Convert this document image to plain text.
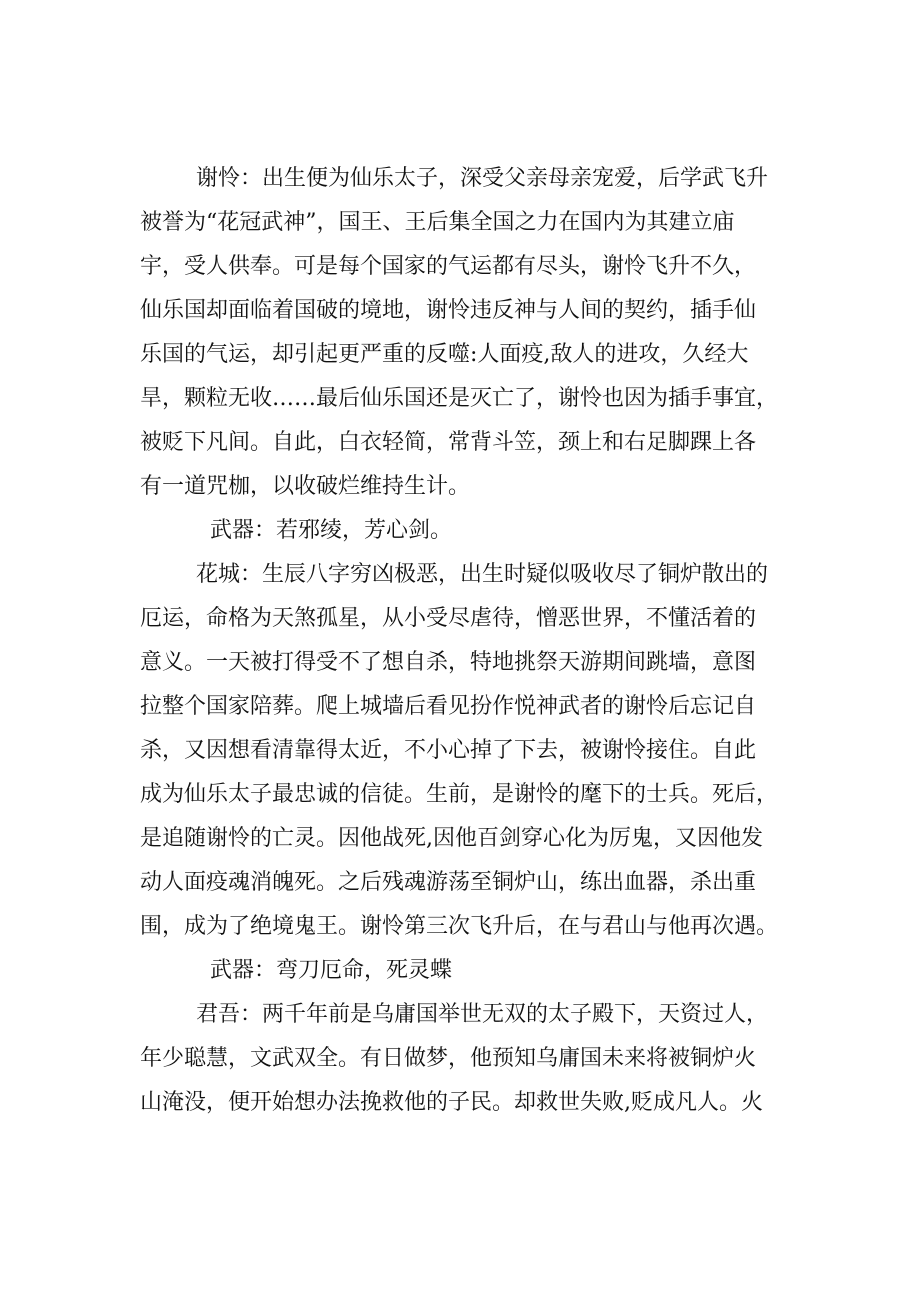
谢怜：出生便为仙乐太子，深受父亲母亲宠爱，后学武飞升
被誉为“花冠武神”，国王、王后集全国之力在国内为其建立庙
宇，受人供奉。可是每个国家的气运都有尽头，谢怜飞升不久，
仙乐国却面临着国破的境地，谢怜违反神与人间的契约，插手仙
乐国的气运，却引起更严重的反噬:人面疫,敌人的进攻，久经大
旱，颗粒无收……最后仙乐国还是灭亡了，谢怜也因为插手事宜，
被贬下凡间。自此，白衣轻简，常背斗笠，颈上和右足脚踝上各
有一道咒枷，以收破烂维持生计。
武器：若邪绫，芳心剑。
花城：生辰八字穷凶极恶，出生时疑似吸收尽了铜炉散出的
厄运，命格为天煞孤星，从小受尽虐待，憎恶世界，不懂活着的
意义。一天被打得受不了想自杀，特地挑祭天游期间跳墙，意图
拉整个国家陪葬。爬上城墙后看见扮作悦神武者的谢怜后忘记自
杀，又因想看清靠得太近，不小心掉了下去，被谢怜接住。自此
成为仙乐太子最忠诚的信徒。生前，是谢怜的麾下的士兵。死后，
是追随谢怜的亡灵。因他战死,因他百剑穿心化为厉鬼，又因他发
动人面疫魂消魄死。之后残魂游荡至铜炉山，练出血器，杀出重
围，成为了绝境鬼王。谢怜第三次飞升后，在与君山与他再次遇。
武器：弯刀厄命，死灵蝶
君吾：两千年前是乌庸国举世无双的太子殿下，天资过人，
年少聪慧，文武双全。有日做梦，他预知乌庸国未来将被铜炉火
山淹没，便开始想办法挽救他的子民。却救世失败,贬成凡人。火
